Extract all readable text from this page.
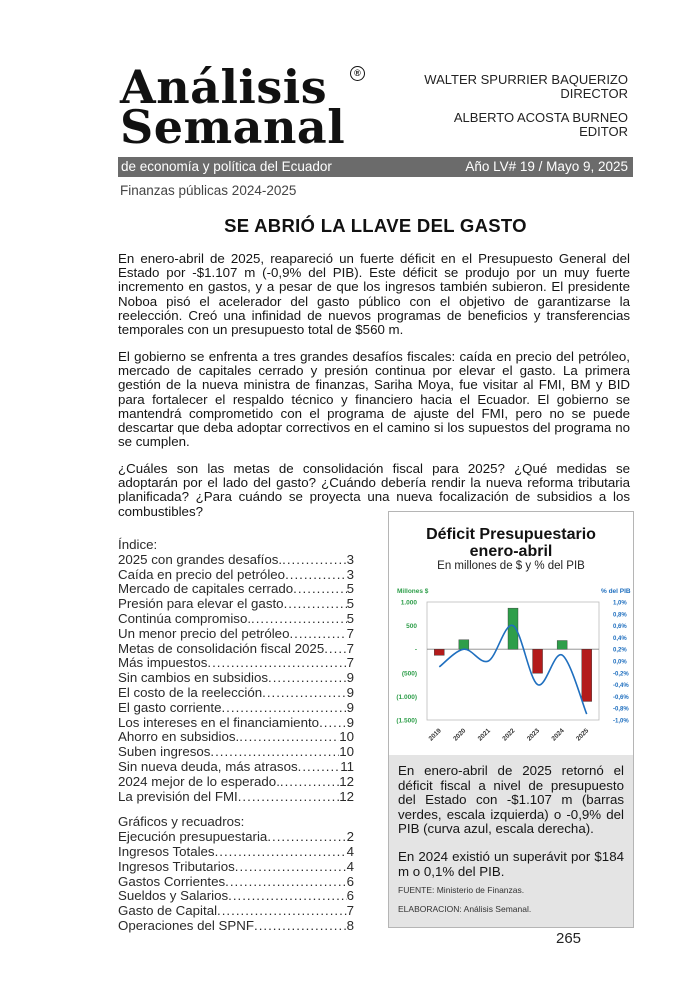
Análisis
Semanal
®	WALTER SPURRIER BAQUERIZO
DIRECTOR
ALBERTO ACOSTA BURNEO
EDITOR
de economía y política del Ecuador	Año LV# 19 / Mayo 9, 2025
Finanzas públicas 2024-2025
SE ABRIÓ LA LLAVE DEL GASTO
En enero-abril de 2025, reapareció un fuerte déficit en el Presupuesto General del Estado por -$1.107 m (-0,9% del PIB). Este déficit se produjo por un muy fuerte incremento en gastos, y a pesar de que los ingresos también subieron. El presidente Noboa pisó el acelerador del gasto público con el objetivo de garantizarse la reelección. Creó una infinidad de nuevos programas de beneficios y transferencias temporales con un presupuesto total de $560 m.
El gobierno se enfrenta a tres grandes desafíos fiscales: caída en precio del petróleo, mercado de capitales cerrado y presión continua por elevar el gasto. La primera gestión de la nueva ministra de finanzas, Sariha Moya, fue visitar al FMI, BM y BID para fortalecer el respaldo técnico y financiero hacia el Ecuador. El gobierno se mantendrá comprometido con el programa de ajuste del FMI, pero no se puede descartar que deba adoptar correctivos en el camino si los supuestos del programa no se cumplen.
¿Cuáles son las metas de consolidación fiscal para 2025? ¿Qué medidas se adoptarán por el lado del gasto? ¿Cuándo debería rendir la nueva reforma tributaria planificada? ¿Para cuándo se proyecta una nueva focalización de subsidios a los combustibles?
Índice:
2025 con grandes desafíos. .....	3
Caída en precio del petróleo .....	3
Mercado de capitales cerrado .....	5
Presión para elevar el gasto .....	5
Continúa compromiso. .....	5
Un menor precio del petróleo .....	7
Metas de consolidación fiscal 2025 ..... 7
Más impuestos .....	7
Sin cambios en subsidios .....	9
El costo de la reelección .....	9
El gasto corriente .....	9
Los intereses en el financiamiento ..... 9
Ahorro en subsidios. .....	10
Suben ingresos .....	10
Sin nueva deuda, más atrasos .....	11
2024 mejor de lo esperado. .....	12
La previsión del FMI .....	12
Gráficos y recuadros:
Ejecución presupuestaria .....	2
Ingresos Totales .....	4
Ingresos Tributarios .....	4
Gastos Corrientes .....	6
Sueldos y Salarios .....	6
Gasto de Capital .....	7
Operaciones del SPNF .....	8
Déficit Presupuestario
enero-abril
En millones de $ y % del PIB
Millones $	% del PIB
1.000
500
-
(500)
(1.000)
(1.500)
1,0%
0,8%
0,6%
0,4%
0,2%
0,0%
-0,2%
-0,4%
-0,6%
-0,8%
-1,0%
2019 2020 2021 2022 2023 2024 2025
En enero-abril de 2025 retornó el déficit fiscal a nivel de presupuesto del Estado con -$1.107 m (barras verdes, escala izquierda) o -0,9% del PIB (curva azul, escala derecha).
En 2024 existió un superávit por $184 m o 0,1% del PIB.
FUENTE: Ministerio de Finanzas.
ELABORACION: Análisis Semanal.
265
